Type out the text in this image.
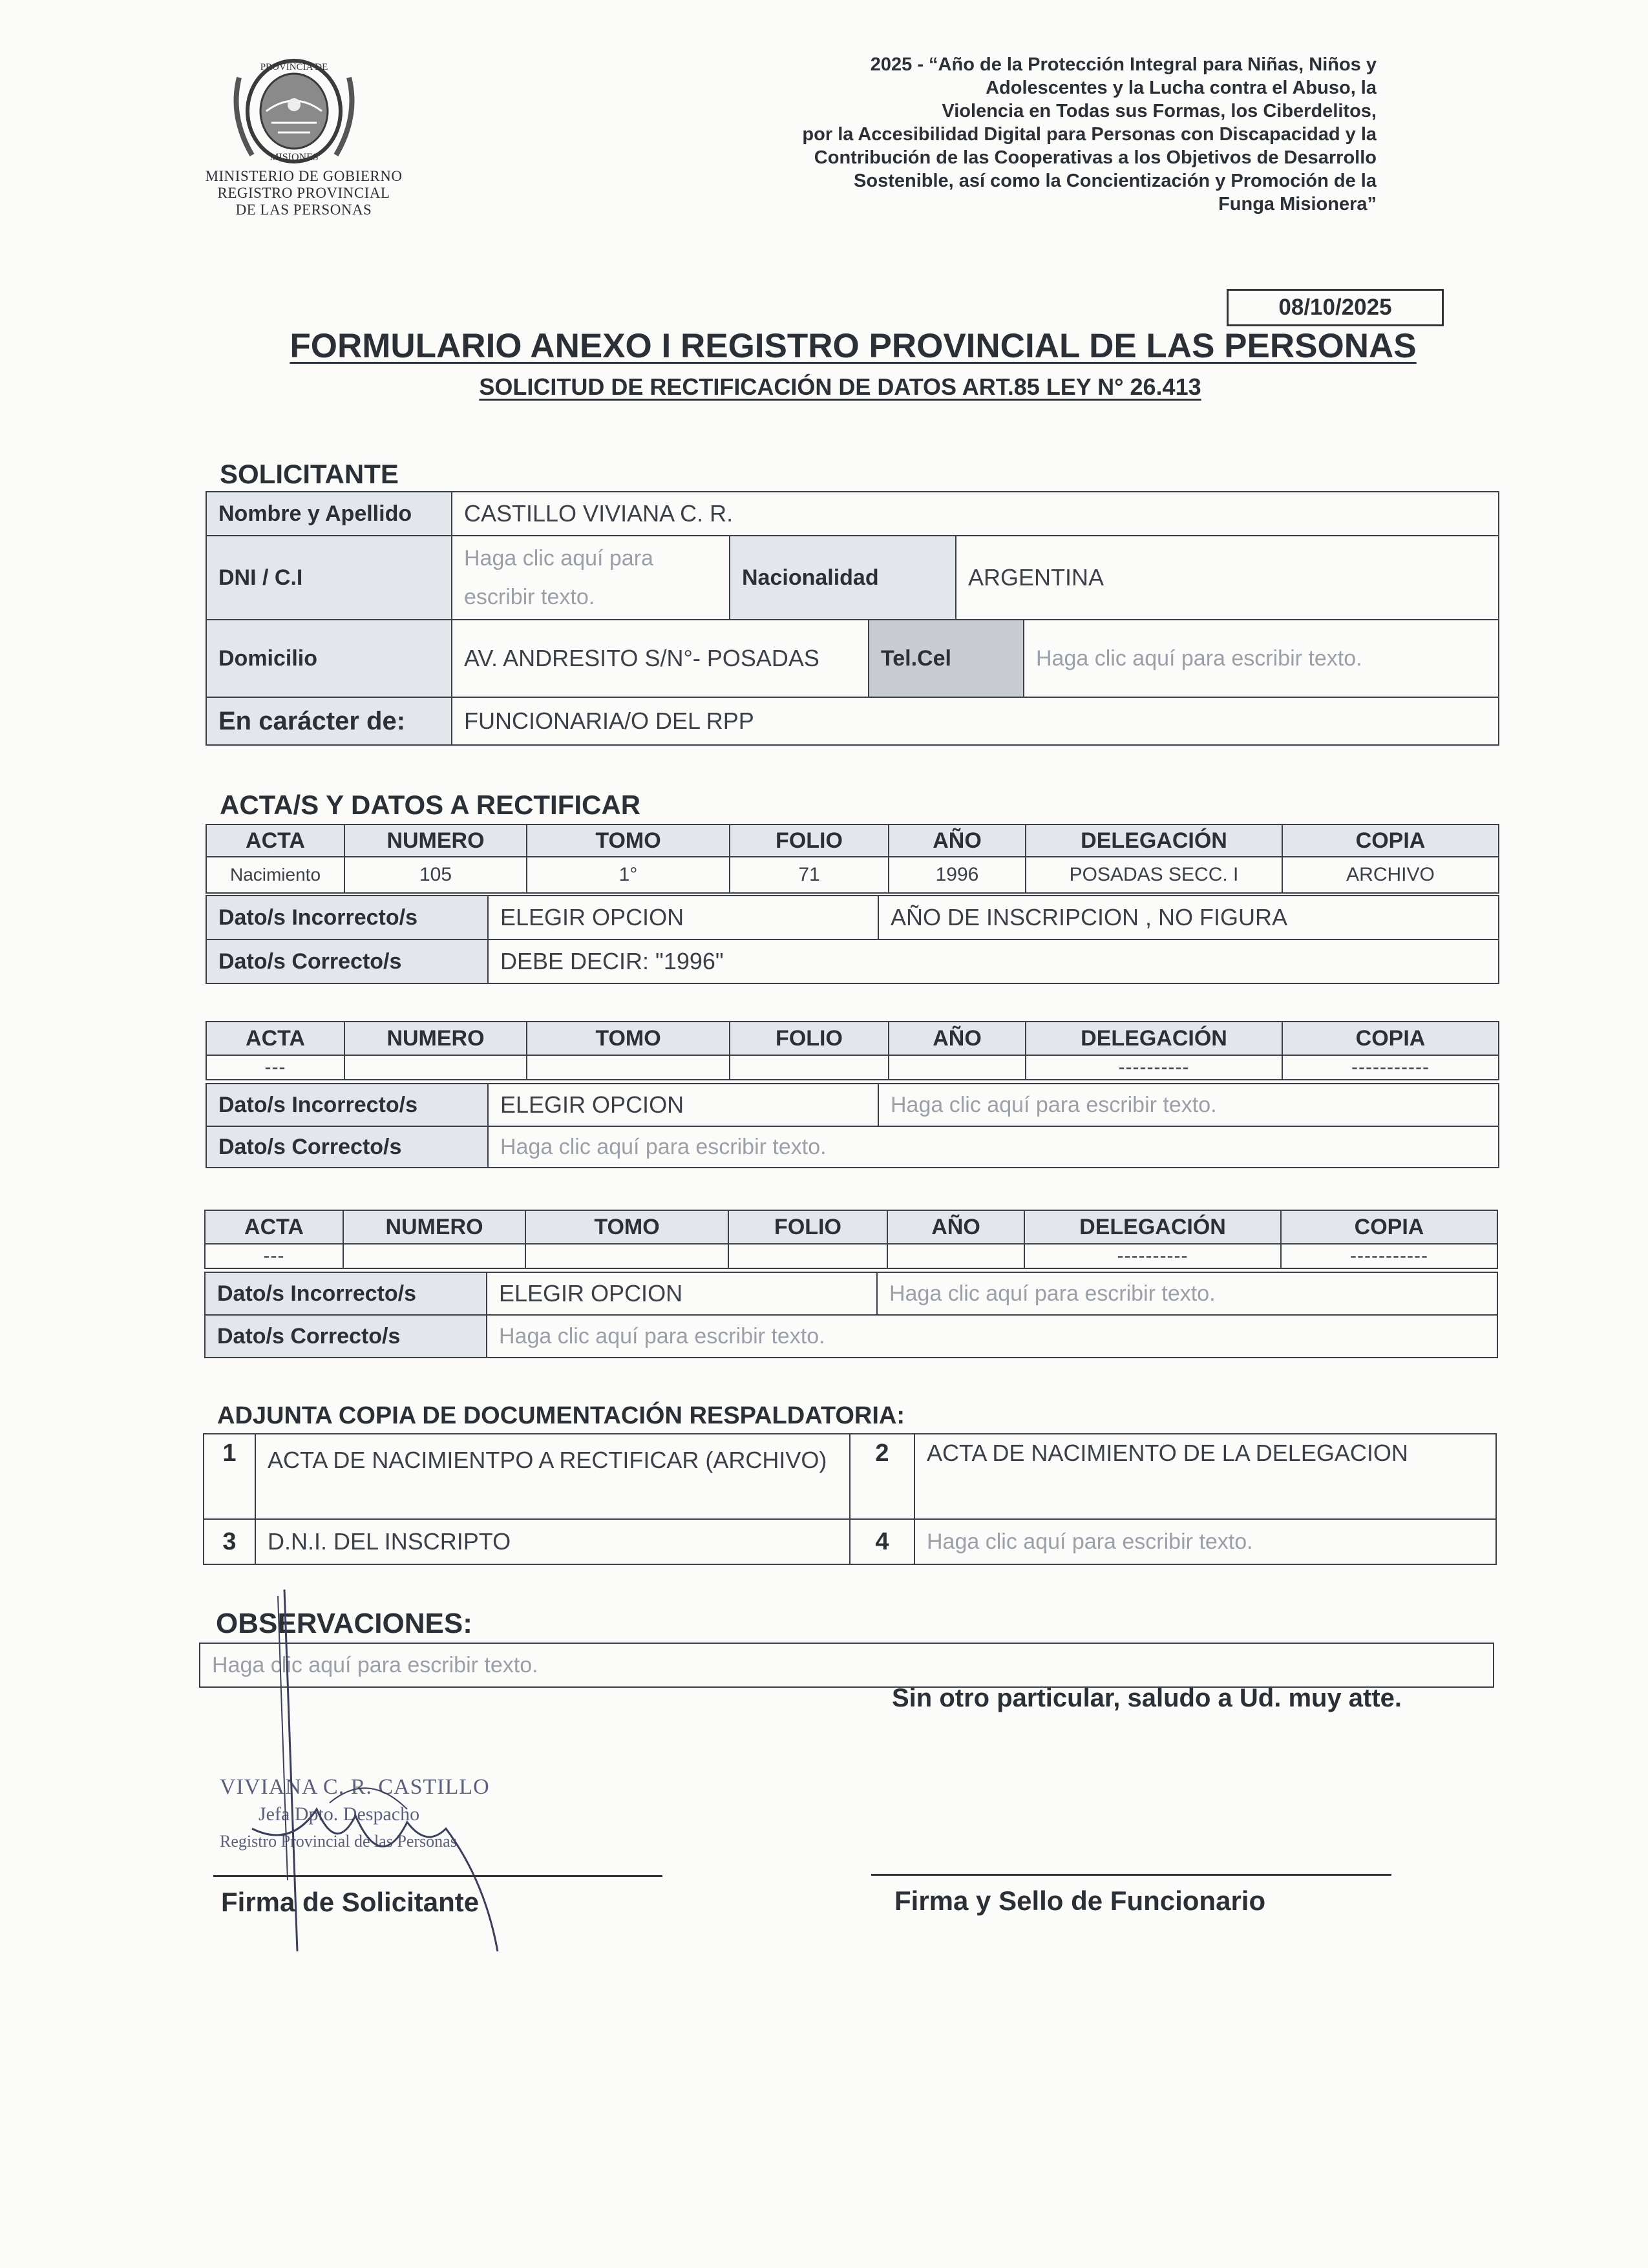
PROVINCIA DE
MISIONES
MINISTERIO DE GOBIERNO
REGISTRO PROVINCIAL
DE LAS PERSONAS
2025 - “Año de la Protección Integral para Niñas, Niños y
Adolescentes y la Lucha contra el Abuso, la
Violencia en Todas sus Formas, los Ciberdelitos,
por la Accesibilidad Digital para Personas con Discapacidad y la
Contribución de las Cooperativas a los Objetivos de Desarrollo
Sostenible, así como la Concientización y Promoción de la
Funga Misionera”
08/10/2025
FORMULARIO ANEXO I REGISTRO PROVINCIAL DE LAS PERSONAS
SOLICITUD DE RECTIFICACIÓN DE DATOS ART.85 LEY N° 26.413
SOLICITANTE
Nombre y Apellido	CASTILLO VIVIANA C. R.				
DNI / C.I	Haga clic aquí para escribir texto.	Nacionalidad		ARGENTINA	
Domicilio	AV. ANDRESITO S/N°- POSADAS		Tel.Cel		Haga clic aquí para escribir texto.
En carácter de:	FUNCIONARIA/O DEL RPP				
ACTA/S Y DATOS A RECTIFICAR
ACTA	NUMERO	TOMO	FOLIO	AÑO	DELEGACIÓN	COPIA
Nacimiento	105	1°	71	1996	POSADAS SECC. I	ARCHIVO
Dato/s Incorrecto/s	ELEGIR OPCION	AÑO DE INSCRIPCION , NO FIGURA
Dato/s Correcto/s	DEBE DECIR: "1996"	
ACTA	NUMERO	TOMO	FOLIO	AÑO	DELEGACIÓN	COPIA
---					----------	-----------
Dato/s Incorrecto/s	ELEGIR OPCION	Haga clic aquí para escribir texto.
Dato/s Correcto/s	Haga clic aquí para escribir texto.	
ACTA	NUMERO	TOMO	FOLIO	AÑO	DELEGACIÓN	COPIA
---					----------	-----------
Dato/s Incorrecto/s	ELEGIR OPCION	Haga clic aquí para escribir texto.
Dato/s Correcto/s	Haga clic aquí para escribir texto.	
ADJUNTA COPIA DE DOCUMENTACIÓN RESPALDATORIA:
1	ACTA DE NACIMIENTPO A RECTIFICAR (ARCHIVO)	2	ACTA DE NACIMIENTO DE LA DELEGACION
3	D.N.I. DEL INSCRIPTO	4	Haga clic aquí para escribir texto.
OBSERVACIONES:
Haga clic aquí para escribir texto.
Sin otro particular, saludo a Ud. muy atte.
VIVIANA C. R. CASTILLO
Jefa Dpto. Despacho
Registro Provincial de las Personas
Firma de Solicitante	Firma y Sello de Funcionario
